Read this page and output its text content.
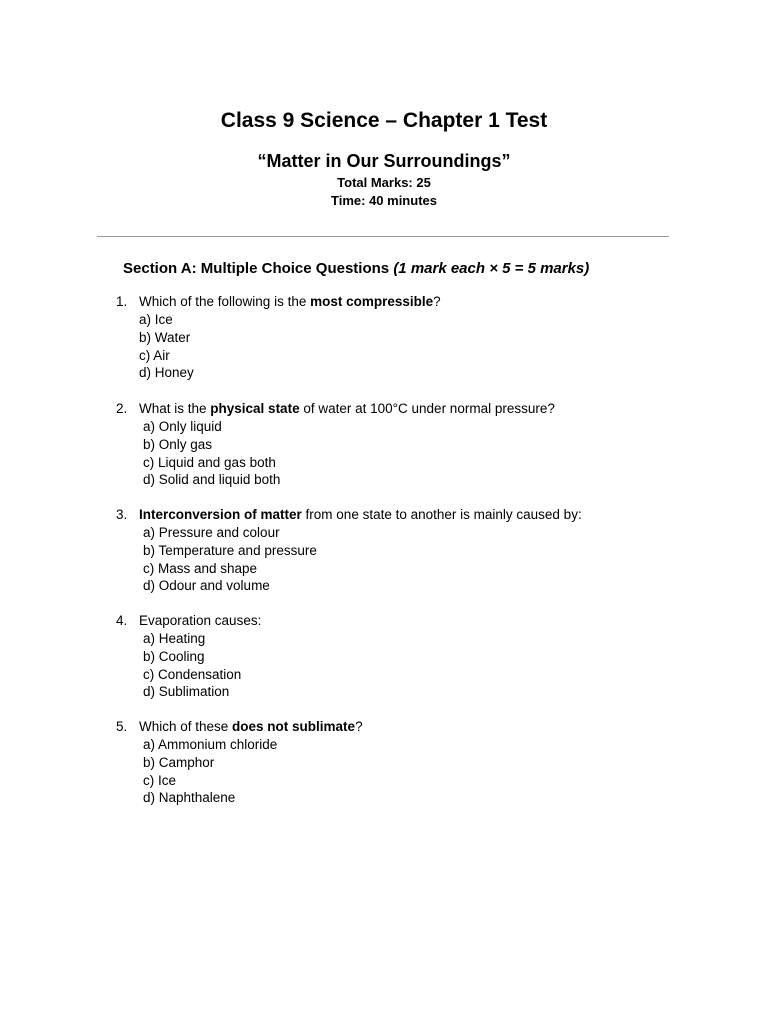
Class 9 Science – Chapter 1 Test
“Matter in Our Surroundings”
Total Marks: 25
Time: 40 minutes
Section A: Multiple Choice Questions (1 mark each × 5 = 5 marks)
1. Which of the following is the most compressible?
a) Ice
b) Water
c) Air
d) Honey
2. What is the physical state of water at 100°C under normal pressure?
a) Only liquid
b) Only gas
c) Liquid and gas both
d) Solid and liquid both
3. Interconversion of matter from one state to another is mainly caused by:
a) Pressure and colour
b) Temperature and pressure
c) Mass and shape
d) Odour and volume
4. Evaporation causes:
a) Heating
b) Cooling
c) Condensation
d) Sublimation
5. Which of these does not sublimate?
a) Ammonium chloride
b) Camphor
c) Ice
d) Naphthalene
